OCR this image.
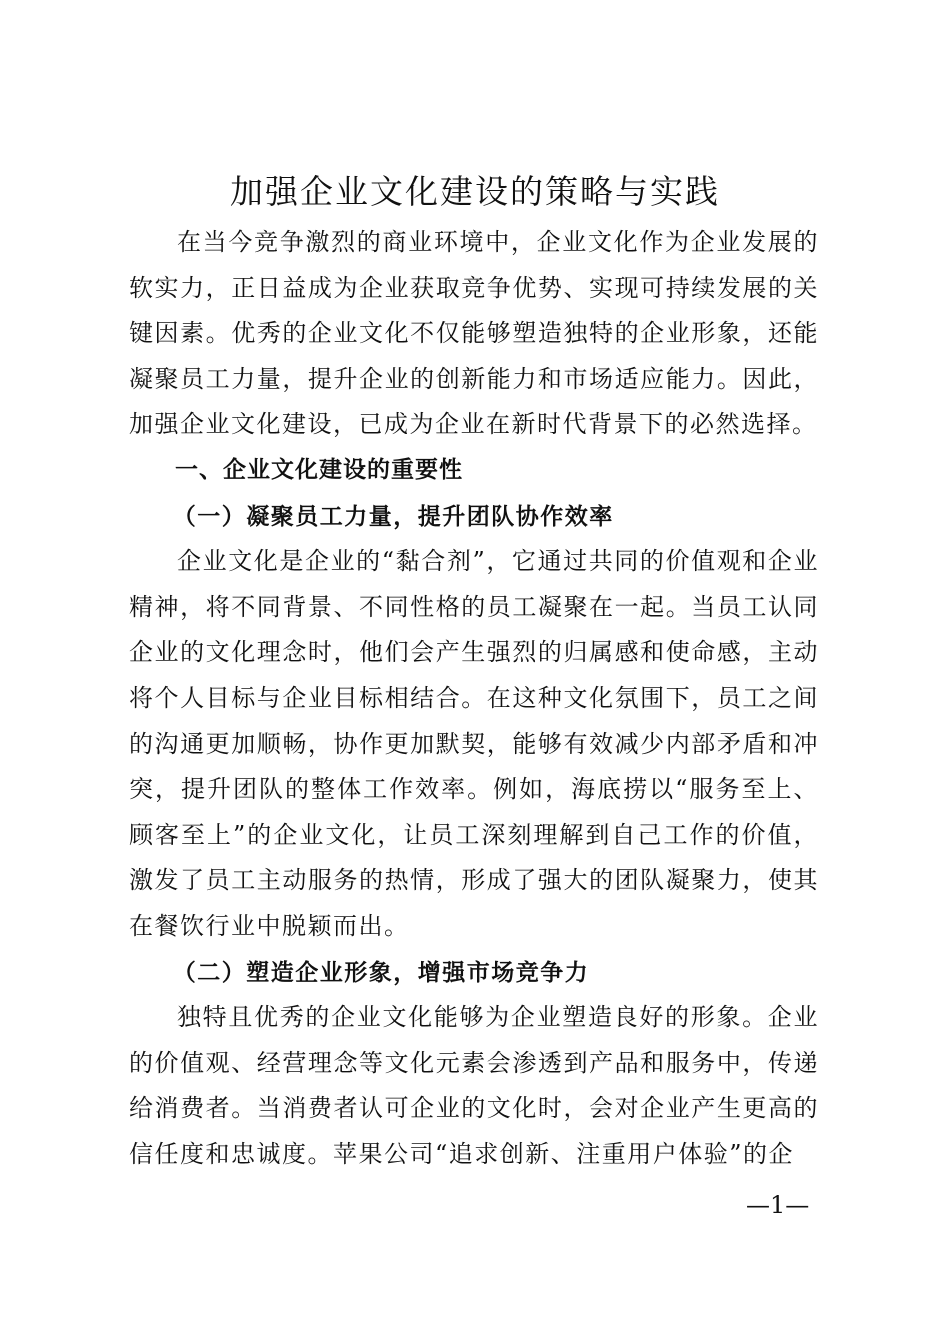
加强企业文化建设的策略与实践

在当今竞争激烈的商业环境中，企业文化作为企业发展的软实力，正日益成为企业获取竞争优势、实现可持续发展的关键因素。优秀的企业文化不仅能够塑造独特的企业形象，还能凝聚员工力量，提升企业的创新能力和市场适应能力。因此，加强企业文化建设，已成为企业在新时代背景下的必然选择。

一、企业文化建设的重要性

（一）凝聚员工力量，提升团队协作效率

企业文化是企业的“黏合剂”，它通过共同的价值观和企业精神，将不同背景、不同性格的员工凝聚在一起。当员工认同企业的文化理念时，他们会产生强烈的归属感和使命感，主动将个人目标与企业目标相结合。在这种文化氛围下，员工之间的沟通更加顺畅，协作更加默契，能够有效减少内部矛盾和冲突，提升团队的整体工作效率。例如，海底捞以“服务至上、顾客至上”的企业文化，让员工深刻理解到自己工作的价值，激发了员工主动服务的热情，形成了强大的团队凝聚力，使其在餐饮行业中脱颖而出。

（二）塑造企业形象，增强市场竞争力

独特且优秀的企业文化能够为企业塑造良好的形象。企业的价值观、经营理念等文化元素会渗透到产品和服务中，传递给消费者。当消费者认可企业的文化时，会对企业产生更高的信任度和忠诚度。苹果公司“追求创新、注重用户体验”的企

—1—
